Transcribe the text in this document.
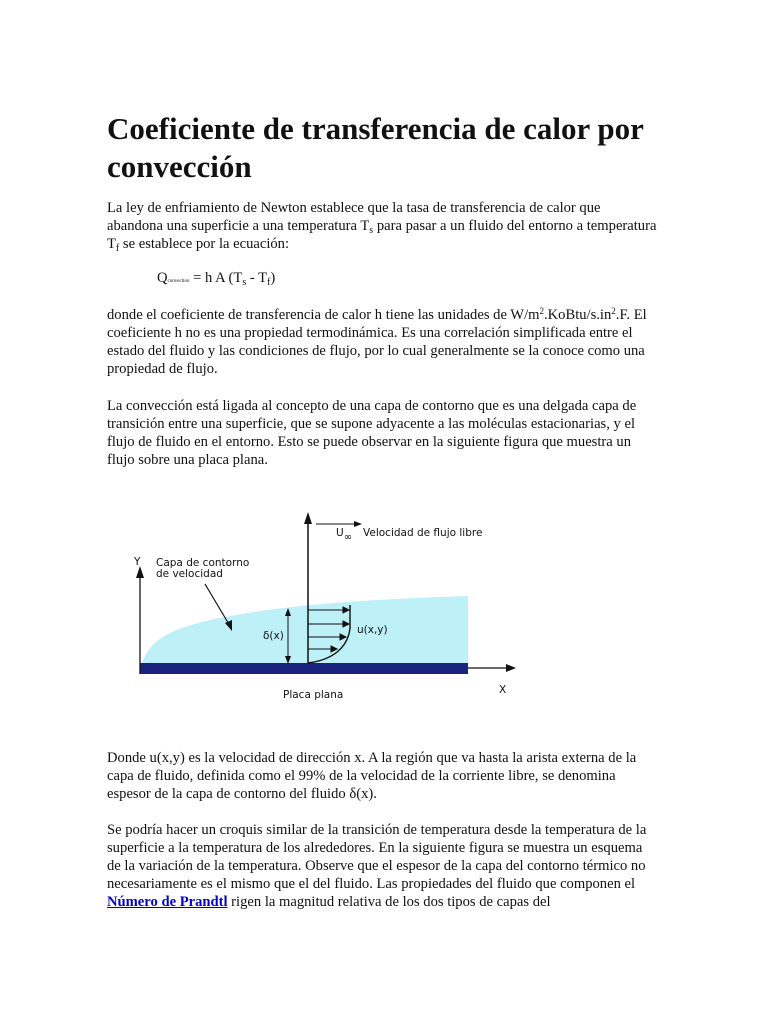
Coeficiente de transferencia de calor por convección

La ley de enfriamiento de Newton establece que la tasa de transferencia de calor que abandona una superficie a una temperatura $T_s$ para pasar a un fluido del entorno a temperatura $T_f$ se establece por la ecuación:

Qconvection = h A $(T_s - T_f)$

donde el coeficiente de transferencia de calor h tiene las unidades de $W/m^2.KoBtu/s.in^2.F$. El coeficiente h no es una propiedad termodinámica. Es una correlación simplificada entre el estado del fluido y las condiciones de flujo, por lo cual generalmente se la conoce como una propiedad de flujo.

La convección está ligada al concepto de una capa de contorno que es una delgada capa de transición entre una superficie, que se supone adyacente a las moléculas estacionarias, y el flujo de fluido en el entorno. Esto se puede observar en la siguiente figura que muestra un flujo sobre una placa plana.

U∞ Velocidad de flujo libre
Y
X
Capa de contorno
de velocidad
δ(x)	u(x,y)
Placa plana

Donde u(x,y) es la velocidad de dirección x. A la región que va hasta la arista externa de la capa de fluido, definida como el 99% de la velocidad de la corriente libre, se denomina espesor de la capa de contorno del fluido δ(x).

Se podría hacer un croquis similar de la transición de temperatura desde la temperatura de la superficie a la temperatura de los alrededores. En la siguiente figura se muestra un esquema de la variación de la temperatura. Observe que el espesor de la capa del contorno térmico no necesariamente es el mismo que el del fluido. Las propiedades del fluido que componen el Número de Prandtl rigen la magnitud relativa de los dos tipos de capas del
